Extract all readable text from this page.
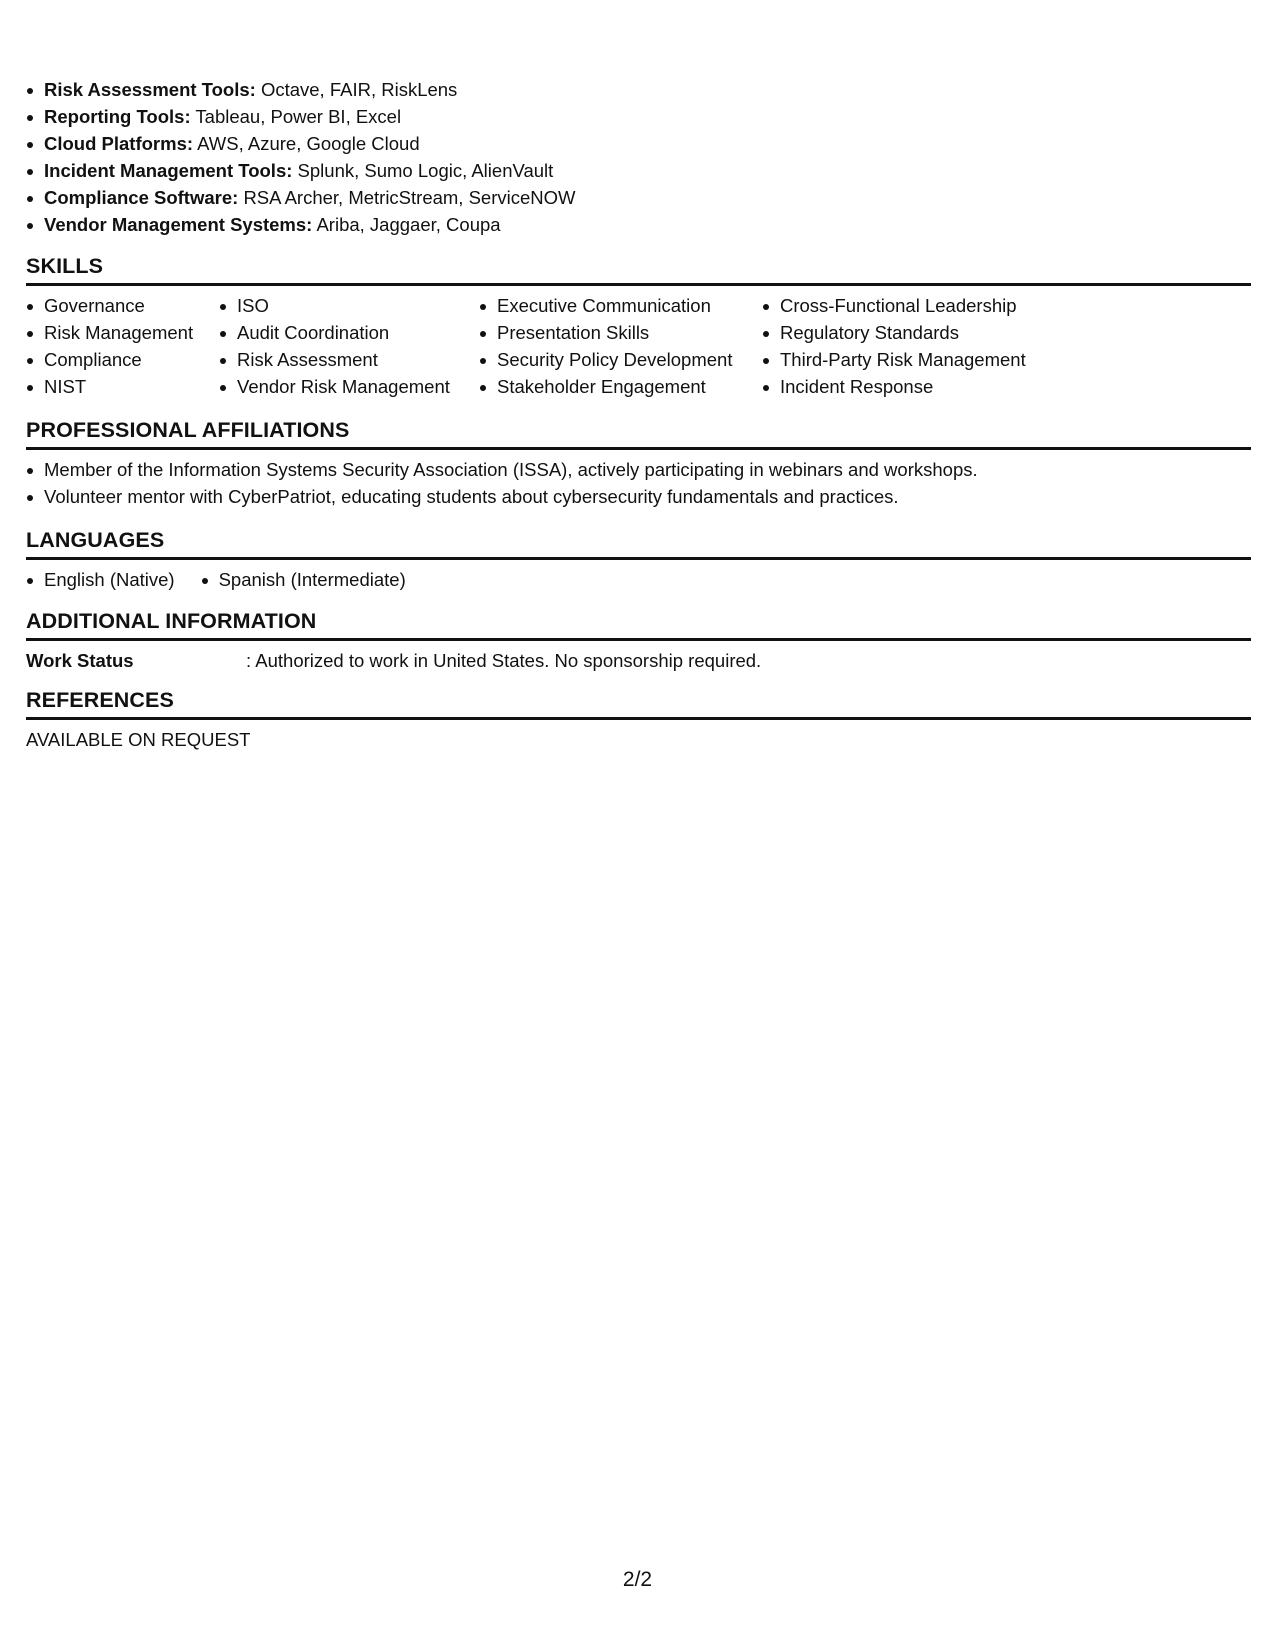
Risk Assessment Tools: Octave, FAIR, RiskLens
Reporting Tools: Tableau, Power BI, Excel
Cloud Platforms: AWS, Azure, Google Cloud
Incident Management Tools: Splunk, Sumo Logic, AlienVault
Compliance Software: RSA Archer, MetricStream, ServiceNOW
Vendor Management Systems: Ariba, Jaggaer, Coupa
SKILLS
Governance
Risk Management
Compliance
NIST
ISO
Audit Coordination
Risk Assessment
Vendor Risk Management
Executive Communication
Presentation Skills
Security Policy Development
Stakeholder Engagement
Cross-Functional Leadership
Regulatory Standards
Third-Party Risk Management
Incident Response
PROFESSIONAL AFFILIATIONS
Member of the Information Systems Security Association (ISSA), actively participating in webinars and workshops.
Volunteer mentor with CyberPatriot, educating students about cybersecurity fundamentals and practices.
LANGUAGES
English (Native)	Spanish (Intermediate)
ADDITIONAL INFORMATION
Work Status	: Authorized to work in United States. No sponsorship required.
REFERENCES
AVAILABLE ON REQUEST
2/2
